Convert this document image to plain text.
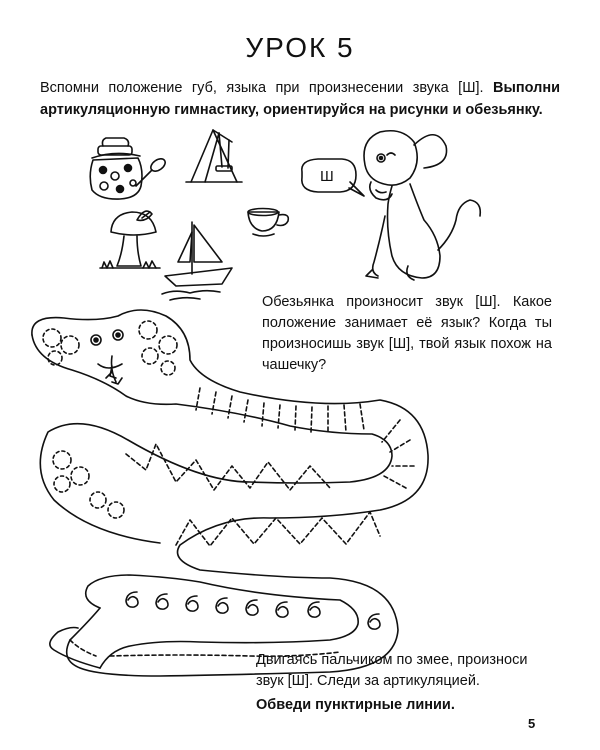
УРОК 5
Вспомни положение губ, языка при произнесении звука [Ш]. Выполни артикуляционную гимнастику, ориентируйся на рисунки и обезьянку.
Ш
Обезьянка произносит звук [Ш]. Какое положение занимает её язык? Когда ты произносишь звук [Ш], твой язык похож на чашечку?
Двигаясь пальчиком по змее, произноси звук [Ш]. Следи за артикуляцией.
Обведи пунктирные линии.
5
